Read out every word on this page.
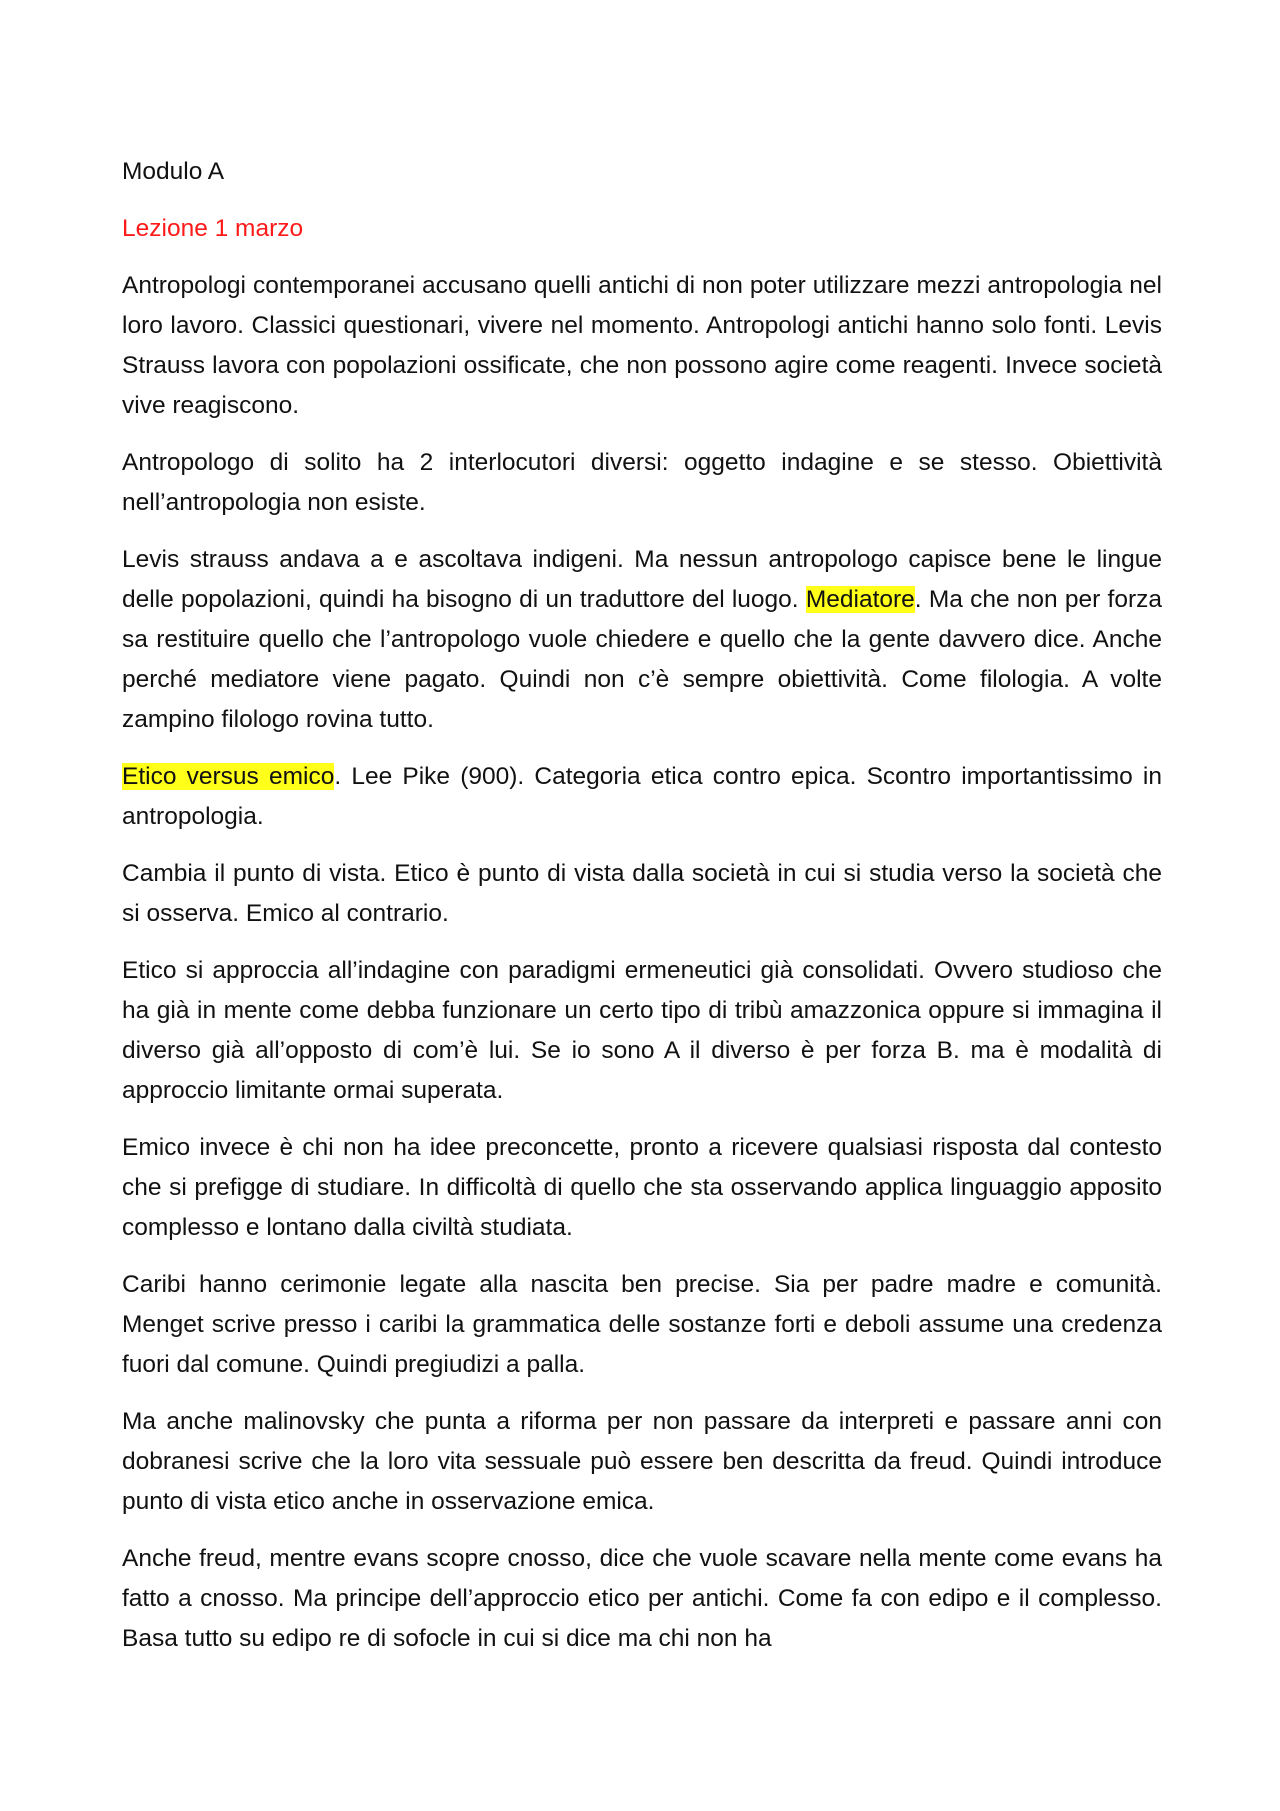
Modulo A

Lezione 1 marzo

Antropologi contemporanei accusano quelli antichi di non poter utilizzare mezzi antropologia nel loro lavoro. Classici questionari, vivere nel momento. Antropologi antichi hanno solo fonti. Levis Strauss lavora con popolazioni ossificate, che non possono agire come reagenti. Invece società vive reagiscono.

Antropologo di solito ha 2 interlocutori diversi: oggetto indagine e se stesso. Obiettività nell’antropologia non esiste.

Levis strauss andava a e ascoltava indigeni. Ma nessun antropologo capisce bene le lingue delle popolazioni, quindi ha bisogno di un traduttore del luogo. Mediatore. Ma che non per forza sa restituire quello che l’antropologo vuole chiedere e quello che la gente davvero dice. Anche perché mediatore viene pagato. Quindi non c’è sempre obiettività. Come filologia. A volte zampino filologo rovina tutto.

Etico versus emico. Lee Pike (900). Categoria etica contro epica. Scontro importantissimo in antropologia.

Cambia il punto di vista. Etico è punto di vista dalla società in cui si studia verso la società che si osserva. Emico al contrario.

Etico si approccia all’indagine con paradigmi ermeneutici già consolidati. Ovvero studioso che ha già in mente come debba funzionare un certo tipo di tribù amazzonica oppure si immagina il diverso già all’opposto di com’è lui. Se io sono A il diverso è per forza B. ma è modalità di approccio limitante ormai superata.

Emico invece è chi non ha idee preconcette, pronto a ricevere qualsiasi risposta dal contesto che si prefigge di studiare. In difficoltà di quello che sta osservando applica linguaggio apposito complesso e lontano dalla civiltà studiata.

Caribi hanno cerimonie legate alla nascita ben precise. Sia per padre madre e comunità. Menget scrive presso i caribi la grammatica delle sostanze forti e deboli assume una credenza fuori dal comune. Quindi pregiudizi a palla.

Ma anche malinovsky che punta a riforma per non passare da interpreti e passare anni con dobranesi scrive che la loro vita sessuale può essere ben descritta da freud. Quindi introduce punto di vista etico anche in osservazione emica.

Anche freud, mentre evans scopre cnosso, dice che vuole scavare nella mente come evans ha fatto a cnosso. Ma principe dell’approccio etico per antichi. Come fa con edipo e il complesso. Basa tutto su edipo re di sofocle in cui si dice ma chi non ha
